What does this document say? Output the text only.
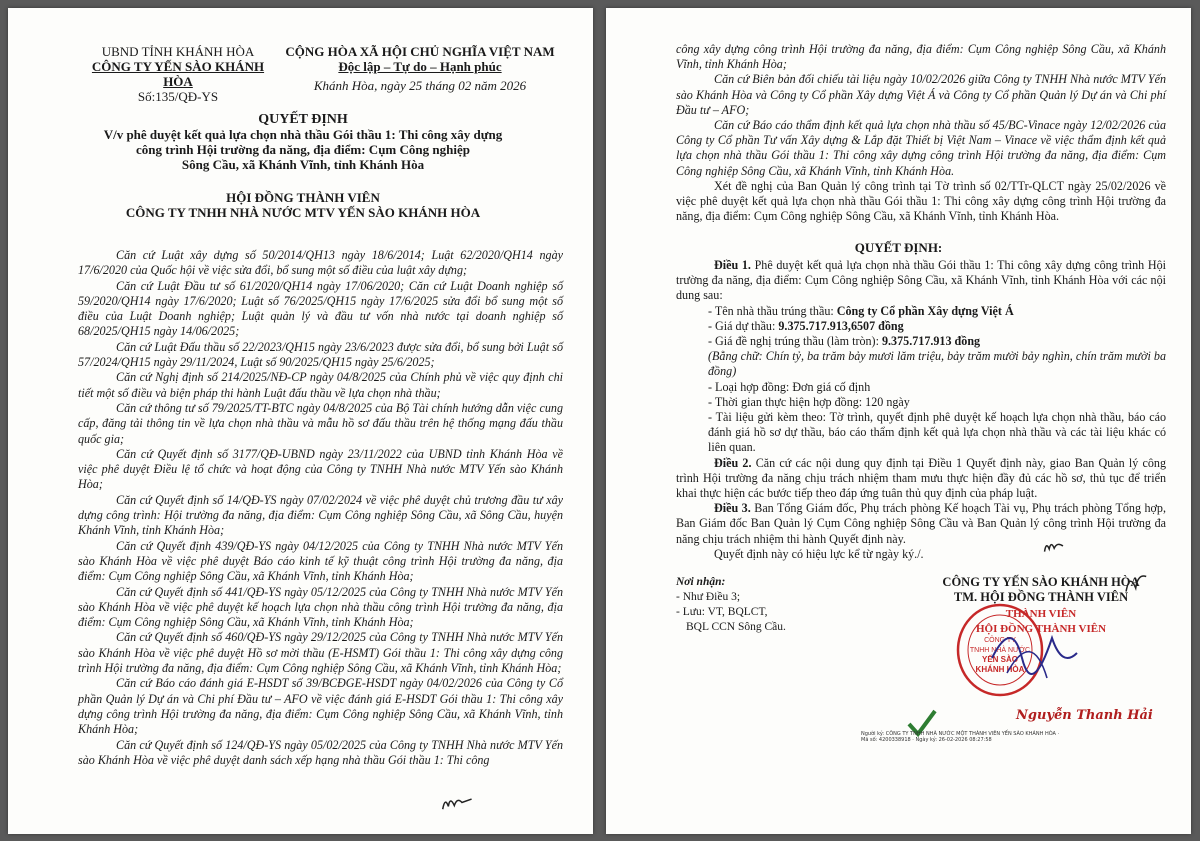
UBND TỈNH KHÁNH HÒA
CÔNG TY YẾN SÀO KHÁNH HÒA
Số:135/QĐ-YS
CỘNG HÒA XÃ HỘI CHỦ NGHĨA VIỆT NAM
Độc lập – Tự do – Hạnh phúc
Khánh Hòa, ngày 25 tháng 02 năm 2026
QUYẾT ĐỊNH
V/v phê duyệt kết quả lựa chọn nhà thầu Gói thầu 1: Thi công xây dựng
công trình Hội trường đa năng, địa điểm: Cụm Công nghiệp
Sông Cầu, xã Khánh Vĩnh, tỉnh Khánh Hòa
HỘI ĐỒNG THÀNH VIÊN
CÔNG TY TNHH NHÀ NƯỚC MTV YẾN SÀO KHÁNH HÒA

Căn cứ Luật xây dựng số 50/2014/QH13 ngày 18/6/2014; Luật 62/2020/QH14 ngày 17/6/2020 của Quốc hội về việc sửa đổi, bổ sung một số điều của luật xây dựng;

Căn cứ Luật Đầu tư số 61/2020/QH14 ngày 17/06/2020; Căn cứ Luật Doanh nghiệp số 59/2020/QH14 ngày 17/6/2020; Luật số 76/2025/QH15 ngày 17/6/2025 sửa đổi bổ sung một số điều của Luật Doanh nghiệp; Luật quản lý và đầu tư vốn nhà nước tại doanh nghiệp số 68/2025/QH15 ngày 14/06/2025;

Căn cứ Luật Đấu thầu số 22/2023/QH15 ngày 23/6/2023 được sửa đổi, bổ sung bởi Luật số 57/2024/QH15 ngày 29/11/2024, Luật số 90/2025/QH15 ngày 25/6/2025;

Căn cứ Nghị định số 214/2025/NĐ-CP ngày 04/8/2025 của Chính phủ về việc quy định chi tiết một số điều và biện pháp thi hành Luật đấu thầu về lựa chọn nhà thầu;

Căn cứ thông tư số 79/2025/TT-BTC ngày 04/8/2025 của Bộ Tài chính hướng dẫn việc cung cấp, đăng tải thông tin về lựa chọn nhà thầu và mẫu hồ sơ đấu thầu trên hệ thống mạng đấu thầu quốc gia;

Căn cứ Quyết định số 3177/QĐ-UBND ngày 23/11/2022 của UBND tỉnh Khánh Hòa về việc phê duyệt Điều lệ tổ chức và hoạt động của Công ty TNHH Nhà nước MTV Yến sào Khánh Hòa;

Căn cứ Quyết định số 14/QĐ-YS ngày 07/02/2024 về việc phê duyệt chủ trương đầu tư xây dựng công trình: Hội trường đa năng, địa điểm: Cụm Công nghiệp Sông Cầu, xã Sông Cầu, huyện Khánh Vĩnh, tỉnh Khánh Hòa;

Căn cứ Quyết định 439/QĐ-YS ngày 04/12/2025 của Công ty TNHH Nhà nước MTV Yến sào Khánh Hòa về việc phê duyệt Báo cáo kinh tế kỹ thuật công trình Hội trường đa năng, địa điểm: Cụm Công nghiệp Sông Cầu, xã Khánh Vĩnh, tỉnh Khánh Hòa;

Căn cứ Quyết định số 441/QĐ-YS ngày 05/12/2025 của Công ty TNHH Nhà nước MTV Yến sào Khánh Hòa về việc phê duyệt kế hoạch lựa chọn nhà thầu công trình Hội trường đa năng, địa điểm: Cụm Công nghiệp Sông Cầu, xã Khánh Vĩnh, tỉnh Khánh Hòa;

Căn cứ Quyết định số 460/QĐ-YS ngày 29/12/2025 của Công ty TNHH Nhà nước MTV Yến sào Khánh Hòa về việc phê duyệt Hồ sơ mời thầu (E-HSMT) Gói thầu 1: Thi công xây dựng công trình Hội trường đa năng, địa điểm: Cụm Công nghiệp Sông Cầu, xã Khánh Vĩnh, tỉnh Khánh Hòa;

Căn cứ Báo cáo đánh giá E-HSDT số 39/BCĐGE-HSDT ngày 04/02/2026 của Công ty Cổ phần Quản lý Dự án và Chi phí Đầu tư – AFO về việc đánh giá E-HSDT Gói thầu 1: Thi công xây dựng công trình Hội trường đa năng, địa điểm: Cụm Công nghiệp Sông Cầu, xã Khánh Vĩnh, tỉnh Khánh Hòa;

Căn cứ Quyết định số 124/QĐ-YS ngày 05/02/2025 của Công ty TNHH Nhà nước MTV Yến sào Khánh Hòa về việc phê duyệt danh sách xếp hạng nhà thầu Gói thầu 1: Thi công

công xây dựng công trình Hội trường đa năng, địa điểm: Cụm Công nghiệp Sông Cầu, xã Khánh Vĩnh, tỉnh Khánh Hòa;

Căn cứ Biên bản đối chiếu tài liệu ngày 10/02/2026 giữa Công ty TNHH Nhà nước MTV Yến sào Khánh Hòa và Công ty Cổ phần Xây dựng Việt Á và Công ty Cổ phần Quản lý Dự án và Chi phí Đầu tư – AFO;

Căn cứ Báo cáo thẩm định kết quả lựa chọn nhà thầu số 45/BC-Vinace ngày 12/02/2026 của Công ty Cổ phần Tư vấn Xây dựng & Lắp đặt Thiết bị Việt Nam – Vinace về việc thẩm định kết quả lựa chọn nhà thầu Gói thầu 1: Thi công xây dựng công trình Hội trường đa năng, địa điểm: Cụm Công nghiệp Sông Cầu, xã Khánh Vĩnh, tỉnh Khánh Hòa.

Xét đề nghị của Ban Quản lý công trình tại Tờ trình số 02/TTr-QLCT ngày 25/02/2026 về việc phê duyệt kết quả lựa chọn nhà thầu Gói thầu 1: Thi công xây dựng công trình Hội trường đa năng, địa điểm: Cụm Công nghiệp Sông Cầu, xã Khánh Vĩnh, tỉnh Khánh Hòa.

QUYẾT ĐỊNH:

Điều 1. Phê duyệt kết quả lựa chọn nhà thầu Gói thầu 1: Thi công xây dựng công trình Hội trường đa năng, địa điểm: Cụm Công nghiệp Sông Cầu, xã Khánh Vĩnh, tỉnh Khánh Hòa với các nội dung sau:

- Tên nhà thầu trúng thầu: Công ty Cổ phần Xây dựng Việt Á

- Giá dự thầu: 9.375.717.913,6507 đồng

- Giá đề nghị trúng thầu (làm tròn): 9.375.717.913 đồng

(Bằng chữ: Chín tỷ, ba trăm bảy mươi lăm triệu, bảy trăm mười bảy nghìn, chín trăm mười ba đồng)

- Loại hợp đồng: Đơn giá cố định

- Thời gian thực hiện hợp đồng: 120 ngày

- Tài liệu gửi kèm theo: Tờ trình, quyết định phê duyệt kế hoạch lựa chọn nhà thầu, báo cáo đánh giá hồ sơ dự thầu, báo cáo thẩm định kết quả lựa chọn nhà thầu và các tài liệu khác có liên quan.

Điều 2. Căn cứ các nội dung quy định tại Điều 1 Quyết định này, giao Ban Quản lý công trình Hội trường đa năng chịu trách nhiệm tham mưu thực hiện đầy đủ các hồ sơ, thủ tục để triển khai thực hiện các bước tiếp theo đáp ứng tuân thủ quy định của pháp luật.

Điều 3. Ban Tổng Giám đốc, Phụ trách phòng Kế hoạch Tài vụ, Phụ trách phòng Tổng hợp, Ban Giám đốc Ban Quản lý Cụm Công nghiệp Sông Cầu và Ban Quản lý công trình Hội trường đa năng chịu trách nhiệm thi hành Quyết định này.

Quyết định này có hiệu lực kể từ ngày ký./.

Nơi nhận:
- Như Điều 3;
- Lưu: VT, BQLCT,
BQL CCN Sông Cầu.
CÔNG TY YẾN SÀO KHÁNH HÒA
TM. HỘI ĐỒNG THÀNH VIÊN
THÀNH VIÊN
HỘI ĐỒNG THÀNH VIÊN
CÔNG TY
TNHH NHÀ NƯỚC
YẾN SÀO
KHÁNH HÒA
Nguyễn Thanh Hải
Người ký: CÔNG TY TNHH NHÀ NƯỚC MỘT THÀNH VIÊN YẾN SÀO KHÁNH HÒA · Mã số: 4200338918 · Ngày ký: 26-02-2026 08:27:58
